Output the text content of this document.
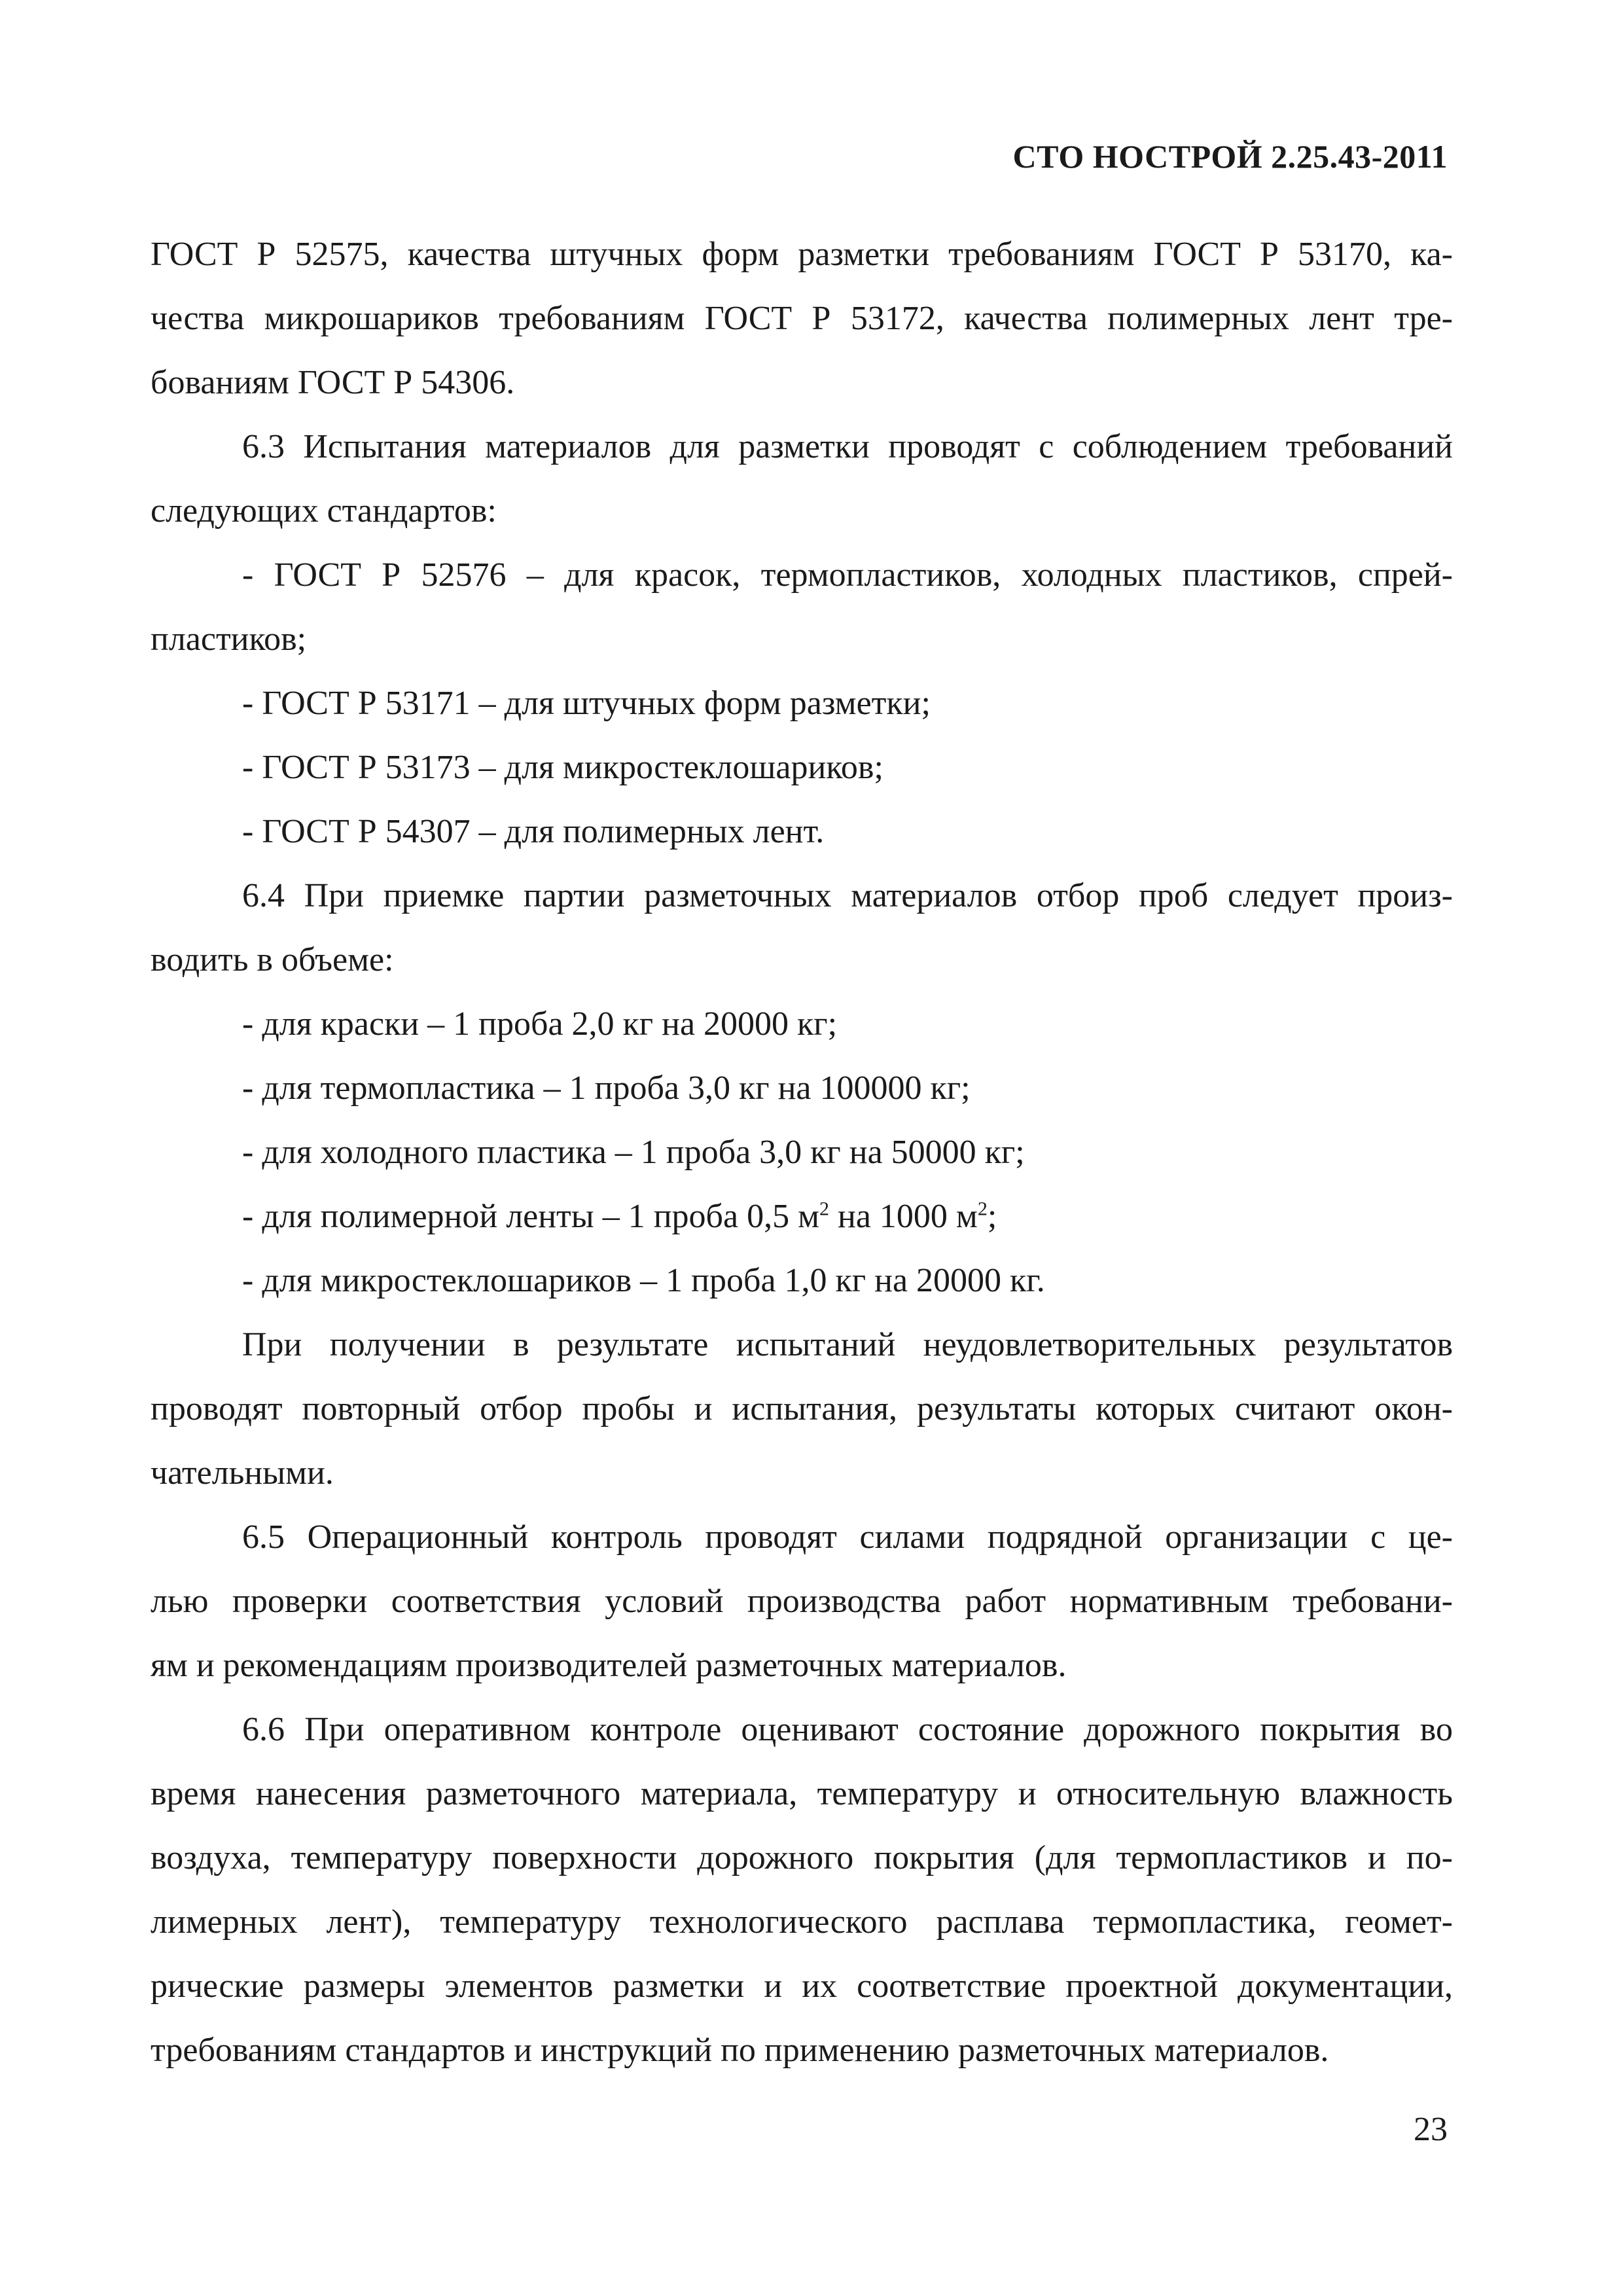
СТО НОСТРОЙ 2.25.43-2011
ГОСТ Р 52575, качества штучных форм разметки требованиям ГОСТ Р 53170, ка-
чества микрошариков требованиям ГОСТ Р 53172, качества полимерных лент тре-
бованиям ГОСТ Р 54306.
6.3 Испытания материалов для разметки проводят с соблюдением требований
следующих стандартов:
- ГОСТ Р 52576 – для красок, термопластиков, холодных пластиков, спрей-
пластиков;
- ГОСТ Р 53171 – для штучных форм разметки;
- ГОСТ Р 53173 – для микростеклошариков;
- ГОСТ Р 54307 – для полимерных лент.
6.4 При приемке партии разметочных материалов отбор проб следует произ-
водить в объеме:
- для краски – 1 проба 2,0 кг на 20000 кг;
- для термопластика – 1 проба 3,0 кг на 100000 кг;
- для холодного пластика – 1 проба 3,0 кг на 50000 кг;
- для полимерной ленты – 1 проба 0,5 $м^2$ на 1000 $м^2$;
- для микростеклошариков – 1 проба 1,0 кг на 20000 кг.
При получении в результате испытаний неудовлетворительных результатов
проводят повторный отбор пробы и испытания, результаты которых считают окон-
чательными.
6.5 Операционный контроль проводят силами подрядной организации с це-
лью проверки соответствия условий производства работ нормативным требовани-
ям и рекомендациям производителей разметочных материалов.
6.6 При оперативном контроле оценивают состояние дорожного покрытия во
время нанесения разметочного материала, температуру и относительную влажность
воздуха, температуру поверхности дорожного покрытия (для термопластиков и по-
лимерных лент), температуру технологического расплава термопластика, геомет-
рические размеры элементов разметки и их соответствие проектной документации,
требованиям стандартов и инструкций по применению разметочных материалов.
23
